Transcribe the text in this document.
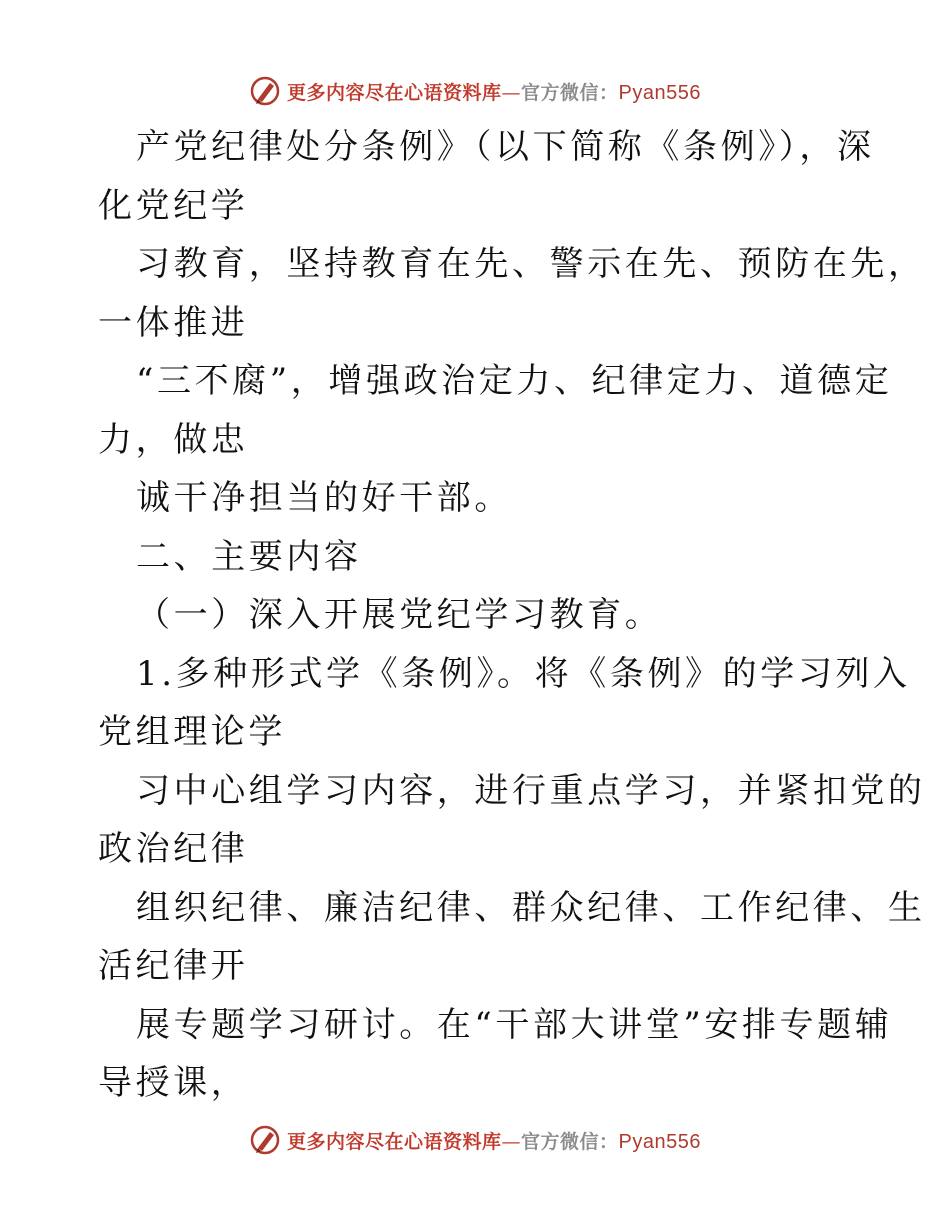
更多内容尽在心语资料库—官方微信：Pyan556
产党纪律处分条例》（以下简称《条例》），深
化党纪学
习教育，坚持教育在先、警示在先、预防在先，
一体推进
“三不腐”，增强政治定力、纪律定力、道德定
力，做忠
诚干净担当的好干部。
二、主要内容
（一）深入开展党纪学习教育。
1.多种形式学《条例》。将《条例》的学习列入
党组理论学
习中心组学习内容，进行重点学习，并紧扣党的
政治纪律
组织纪律、廉洁纪律、群众纪律、工作纪律、生
活纪律开
展专题学习研讨。在“干部大讲堂”安排专题辅
导授课，
更多内容尽在心语资料库—官方微信：Pyan556
